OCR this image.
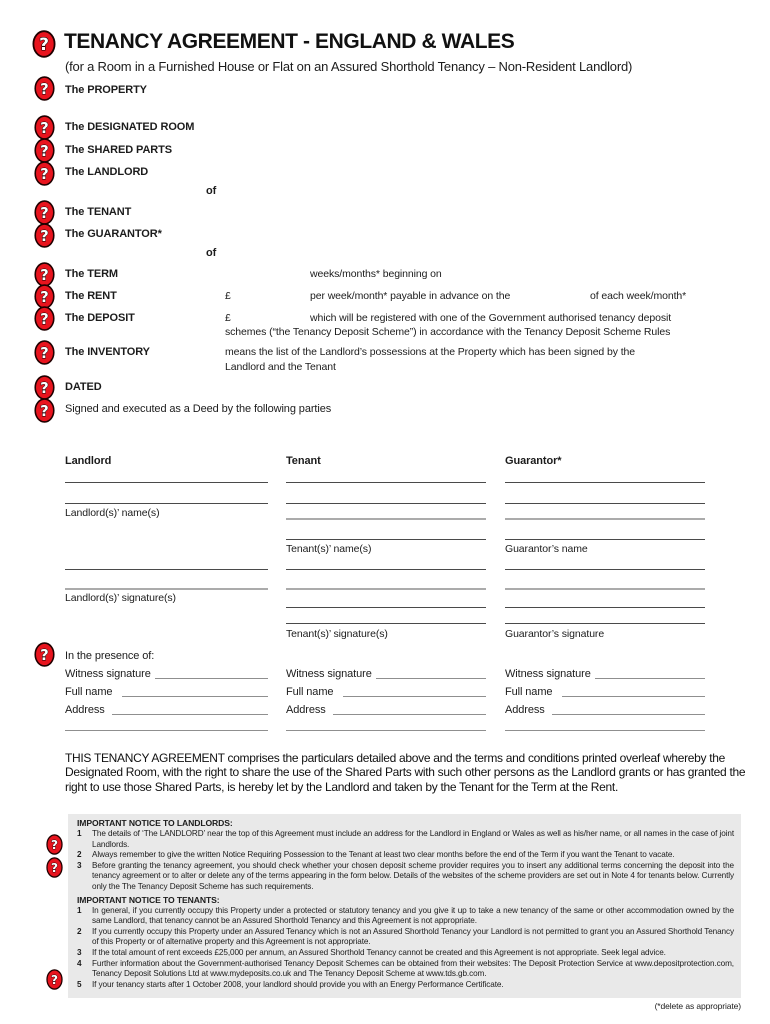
? TENANCY AGREEMENT - ENGLAND & WALES
(for a Room in a Furnished House or Flat on an Assured Shorthold Tenancy – Non-Resident Landlord)
? The PROPERTY
? The DESIGNATED ROOM
? The SHARED PARTS
? The LANDLORD
of
? The TENANT
? The GUARANTOR*
of
? The TERM	weeks/months* beginning on
? The RENT	£	per week/month* payable in advance on the	of each week/month*
? The DEPOSIT	£	which will be registered with one of the Government authorised tenancy deposit
schemes (“the Tenancy Deposit Scheme”) in accordance with the Tenancy Deposit Scheme Rules
? The INVENTORY	means the list of the Landlord’s possessions at the Property which has been signed by the
Landlord and the Tenant
? DATED
? Signed and executed as a Deed by the following parties
Landlord	Tenant	Guarantor*
Landlord(s)’ name(s)
Tenant(s)’ name(s)	Guarantor’s name
Landlord(s)’ signature(s)
Tenant(s)’ signature(s)	Guarantor’s signature
? In the presence of:
Witness signature	Witness signature	Witness signature
Full name	Full name	Full name
Address	Address	Address
THIS TENANCY AGREEMENT comprises the particulars detailed above and the terms and conditions printed overleaf whereby the Designated Room, with the right to share the use of the Shared Parts with such other persons as the Landlord grants or has granted the right to use those Shared Parts, is hereby let by the Landlord and taken by the Tenant for the Term at the Rent.
?
?
?
IMPORTANT NOTICE TO LANDLORDS:
1	The details of ‘The LANDLORD’ near the top of this Agreement must include an address for the Landlord in England or Wales as well as his/her name, or all names in the case of joint Landlords.
2	Always remember to give the written Notice Requiring Possession to the Tenant at least two clear months before the end of the Term if you want the Tenant to vacate.
3	Before granting the tenancy agreement, you should check whether your chosen deposit scheme provider requires you to insert any additional terms concerning the deposit into the tenancy agreement or to alter or delete any of the terms appearing in the form below. Details of the websites of the scheme providers are set out in Note 4 for tenants below. Currently only the The Tenancy Deposit Scheme has such requirements.
IMPORTANT NOTICE TO TENANTS:
1	In general, if you currently occupy this Property under a protected or statutory tenancy and you give it up to take a new tenancy of the same or other accommodation owned by the same Landlord, that tenancy cannot be an Assured Shorthold Tenancy and this Agreement is not appropriate.
2	If you currently occupy this Property under an Assured Tenancy which is not an Assured Shorthold Tenancy your Landlord is not permitted to grant you an Assured Shorthold Tenancy of this Property or of alternative property and this Agreement is not appropriate.
3	If the total amount of rent exceeds £25,000 per annum, an Assured Shorthold Tenancy cannot be created and this Agreement is not appropriate. Seek legal advice.
4	Further information about the Government-authorised Tenancy Deposit Schemes can be obtained from their websites: The Deposit Protection Service at www.depositprotection.com, Tenancy Deposit Solutions Ltd at www.mydeposits.co.uk and The Tenancy Deposit Scheme at www.tds.gb.com.
5	If your tenancy starts after 1 October 2008, your landlord should provide you with an Energy Performance Certificate.
(*delete as appropriate)
